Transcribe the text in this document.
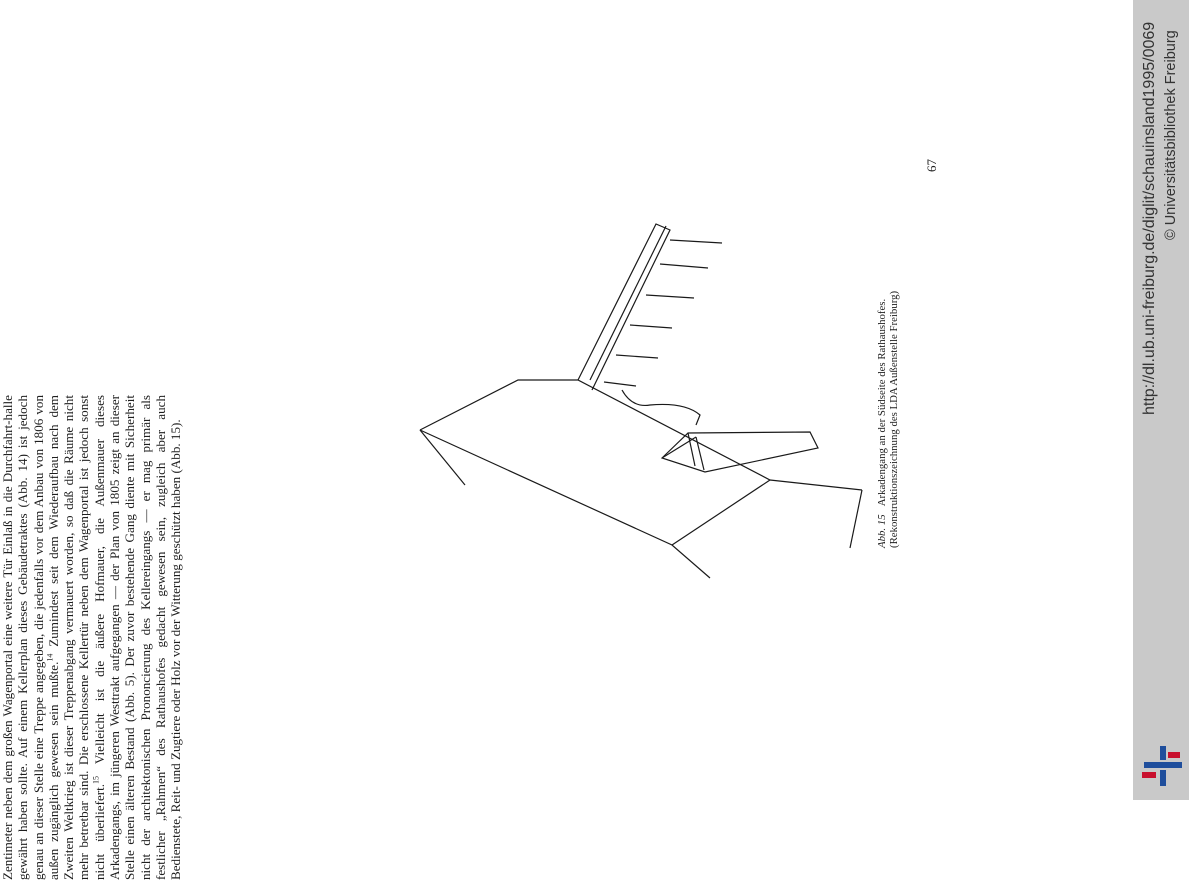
Zentimeter neben dem großen Wagenportal eine weitere Tür Einlaß in die Durchfahrt-halle gewährt haben sollte. Auf einem Kellerplan dieses Gebäudetraktes (Abb. 14) ist jedoch genau an dieser Stelle eine Treppe angegeben, die jedenfalls vor dem Anbau von 1806 von außen zugänglich gewesen sein mußte.$^{14}$ Zumindest seit dem Wiederaufbau nach dem Zweiten Weltkrieg ist dieser Treppenabgang vermauert worden, so daß die Räume nicht mehr betretbar sind. Die erschlossene Kellertür neben dem Wagenportal ist jedoch sonst nicht überliefert.$^{15}$ Vielleicht ist die äußere Hofmauer, die Außenmauer dieses Arkadengangs, im jüngeren Westtrakt aufgegangen — der Plan von 1805 zeigt an dieser Stelle einen älteren Bestand (Abb. 5). Der zuvor bestehende Gang diente mit Sicherheit nicht der architektonischen Prononcierung des Kellereingangs — er mag primär als festlicher „Rahmen“ des Rathaushofes gedacht gewesen sein, zugleich aber auch Bedienstete, Reit- und Zugtiere oder Holz vor der Witterung geschützt haben (Abb. 15).	Abb. 15   Arkadengang an der Südseite des Rathaushofes. (Rekonstruktionszeichnung des LDA Außenstelle Freiburg)
67	http://dl.ub.uni-freiburg.de/diglit/schauinsland1995/0069 © Universitätsbibliothek Freiburg
